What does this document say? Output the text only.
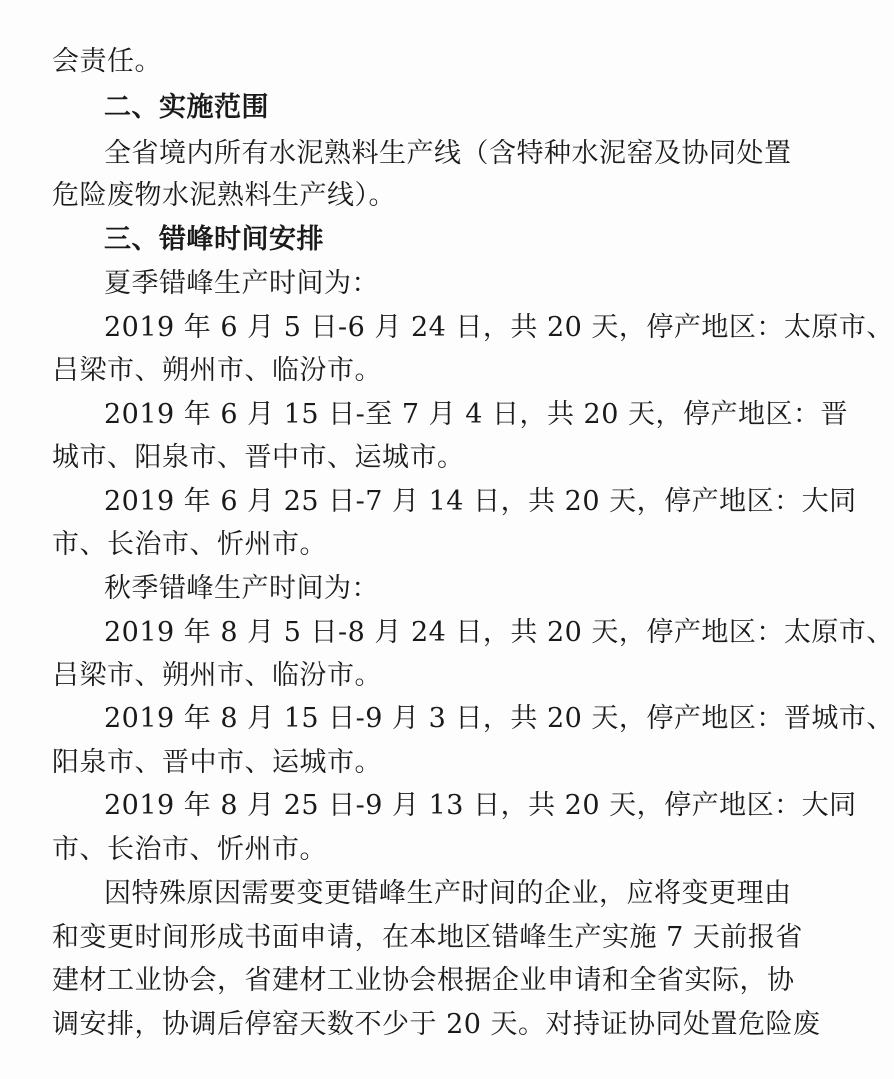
会责任。
二、实施范围
全省境内所有水泥熟料生产线（含特种水泥窑及协同处置
危险废物水泥熟料生产线）。
三、错峰时间安排
夏季错峰生产时间为：
2019 年 6 月 5 日-6 月 24 日，共 20 天，停产地区：太原市、
吕梁市、朔州市、临汾市。
2019 年 6 月 15 日-至 7 月 4 日，共 20 天，停产地区：晋
城市、阳泉市、晋中市、运城市。
2019 年 6 月 25 日-7 月 14 日，共 20 天，停产地区：大同
市、长治市、忻州市。
秋季错峰生产时间为：
2019 年 8 月 5 日-8 月 24 日，共 20 天，停产地区：太原市、
吕梁市、朔州市、临汾市。
2019 年 8 月 15 日-9 月 3 日，共 20 天，停产地区：晋城市、
阳泉市、晋中市、运城市。
2019 年 8 月 25 日-9 月 13 日，共 20 天，停产地区：大同
市、长治市、忻州市。
因特殊原因需要变更错峰生产时间的企业，应将变更理由
和变更时间形成书面申请，在本地区错峰生产实施 7 天前报省
建材工业协会，省建材工业协会根据企业申请和全省实际，协
调安排，协调后停窑天数不少于 20 天。对持证协同处置危险废
